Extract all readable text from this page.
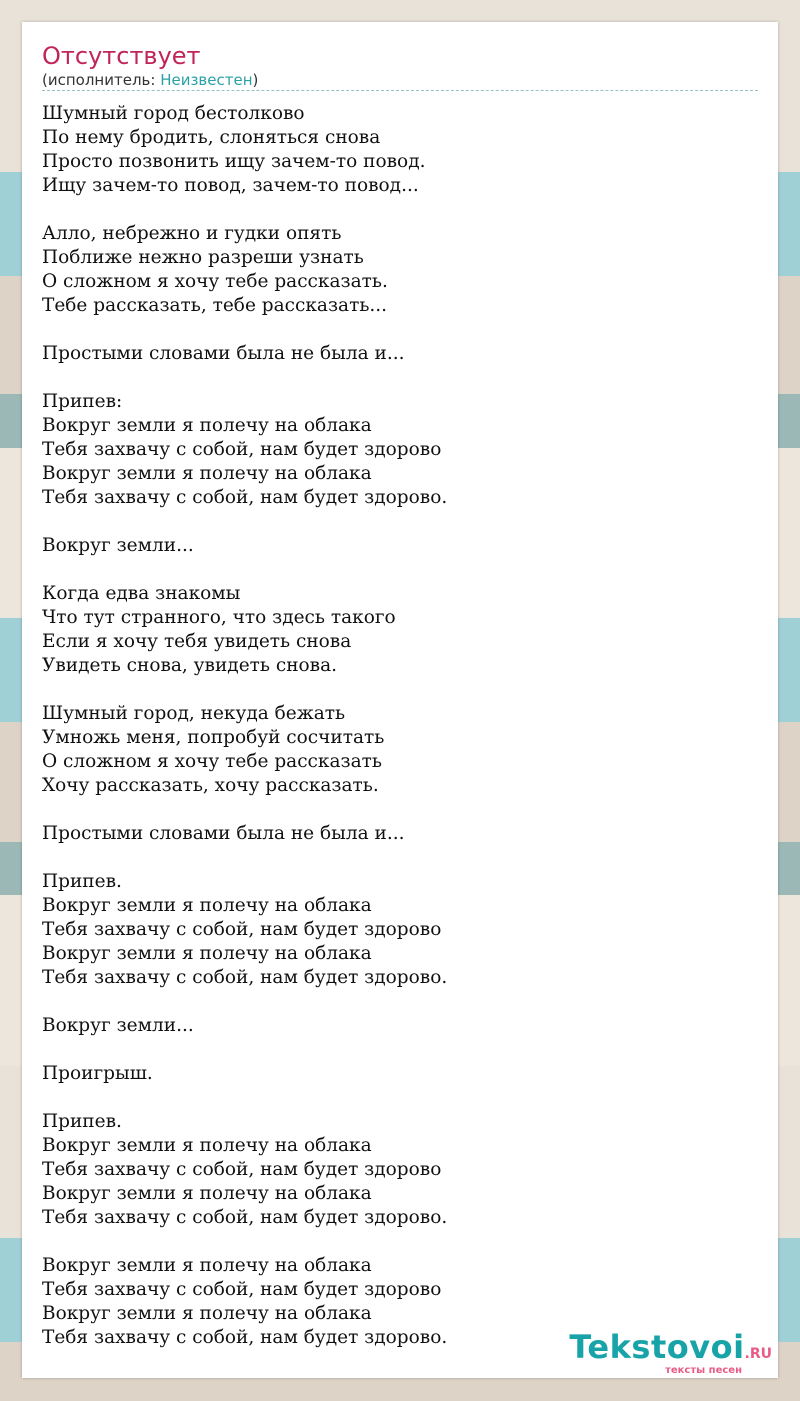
Отсутствует
(исполнитель: Неизвестен)
Шумный город бестолково
По нему бродить, слоняться снова
Просто позвонить ищу зачем-то повод.
Ищу зачем-то повод, зачем-то повод...

Алло, небрежно и гудки опять
Поближе нежно разреши узнать
О сложном я хочу тебе рассказать.
Тебе рассказать, тебе рассказать...

Простыми словами была не была и...

Припев:
Вокруг земли я полечу на облака
Тебя захвачу с собой, нам будет здорово
Вокруг земли я полечу на облака
Тебя захвачу с собой, нам будет здорово.

Вокруг земли...

Когда едва знакомы
Что тут странного, что здесь такого
Если я хочу тебя увидеть снова
Увидеть снова, увидеть снова.

Шумный город, некуда бежать
Умножь меня, попробуй сосчитать
О сложном я хочу тебе рассказать
Хочу рассказать, хочу рассказать.

Простыми словами была не была и...

Припев.
Вокруг земли я полечу на облака
Тебя захвачу с собой, нам будет здорово
Вокруг земли я полечу на облака
Тебя захвачу с собой, нам будет здорово.

Вокруг земли...

Проигрыш.

Припев.
Вокруг земли я полечу на облака
Тебя захвачу с собой, нам будет здорово
Вокруг земли я полечу на облака
Тебя захвачу с собой, нам будет здорово.

Вокруг земли я полечу на облака
Тебя захвачу с собой, нам будет здорово
Вокруг земли я полечу на облака
Тебя захвачу с собой, нам будет здорово.	Tekstovoi.RU
тексты песен
